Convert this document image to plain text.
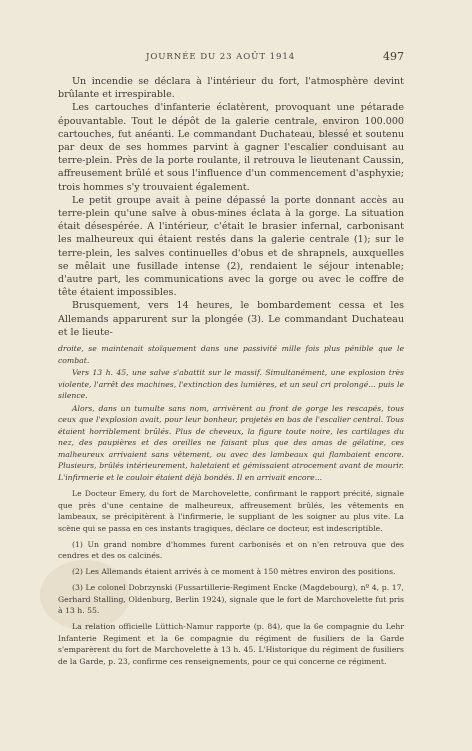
JOURNÉE DU 23 AOÛT 1914	497

Un incendie se déclara à l'intérieur du fort, l'atmosphère devint brûlante et irrespirable.

Les cartouches d'infanterie éclatèrent, provoquant une pétarade épouvantable. Tout le dépôt de la galerie centrale, environ 100.000 cartouches, fut anéanti. Le commandant Duchateau, blessé et soutenu par deux de ses hommes parvint à gagner l'escalier conduisant au terre-plein. Près de la porte roulante, il retrouva le lieutenant Caussin, affreusement brûlé et sous l'influence d'un commencement d'asphyxie; trois hommes s'y trouvaient également.

Le petit groupe avait à peine dépassé la porte donnant accès au terre-plein qu'une salve à obus-mines éclata à la gorge. La situation était désespérée. A l'intérieur, c'était le brasier infernal, carbonisant les malheureux qui étaient restés dans la galerie centrale (1); sur le terre-plein, les salves continuelles d'obus et de shrapnels, auxquelles se mêlait une fusillade intense (2), rendaient le séjour intenable; d'autre part, les communications avec la gorge ou avec le coffre de tête étaient impossibles.

Brusquement, vers 14 heures, le bombardement cessa et les Allemands apparurent sur la plongée (3). Le commandant Duchateau et le lieute-

droite, se maintenait stoïquement dans une passivité mille fois plus pénible que le combat.

Vers 13 h. 45, une salve s'abattit sur le massif. Simultanément, une explosion très violente, l'arrêt des machines, l'extinction des lumières, et un seul cri prolongé... puis le silence.

Alors, dans un tumulte sans nom, arrivèrent au front de gorge les rescapés, tous ceux que l'explosion avait, pour leur bonheur, projetés en bas de l'escalier central. Tous étaient horriblement brûlés. Plus de cheveux, la figure toute noire, les cartilages du nez, des paupières et des oreilles ne faisant plus que des amas de gélatine, ces malheureux arrivaient sans vêtement, ou avec des lambeaux qui flambaient encore. Plusieurs, brûlés intérieurement, haletaient et gémissaient atrocement avant de mourir. L'infirmerie et le couloir étaient déjà bondés. Il en arrivait encore...

Le Docteur Emery, du fort de Marchovelette, confirmant le rapport précité, signale que près d'une centaine de malheureux, affreusement brûlés, les vêtements en lambeaux, se précipitèrent à l'infirmerie, le suppliant de les soigner au plus vite. La scène qui se passa en ces instants tragiques, déclare ce docteur, est indescriptible.

(1) Un grand nombre d'hommes furent carbonisés et on n'en retrouva que des cendres et des os calcinés.

(2) Les Allemands étaient arrivés à ce moment à 150 mètres environ des positions.

(3) Le colonel Dobrzynski (Fussartillerie-Regiment Encke (Magdebourg), nº 4, p. 17, Gerhard Stalling, Oldenburg, Berlin 1924), signale que le fort de Marchovelette fut pris à 13 h. 55.

La relation officielle Lüttich-Namur rapporte (p. 84), que la 6e compagnie du Lehr Infanterie Regiment et la 6e compagnie du régiment de fusiliers de la Garde s'emparèrent du fort de Marchovelette à 13 h. 45. L'Historique du régiment de fusiliers de la Garde, p. 23, confirme ces renseignements, pour ce qui concerne ce régiment.
